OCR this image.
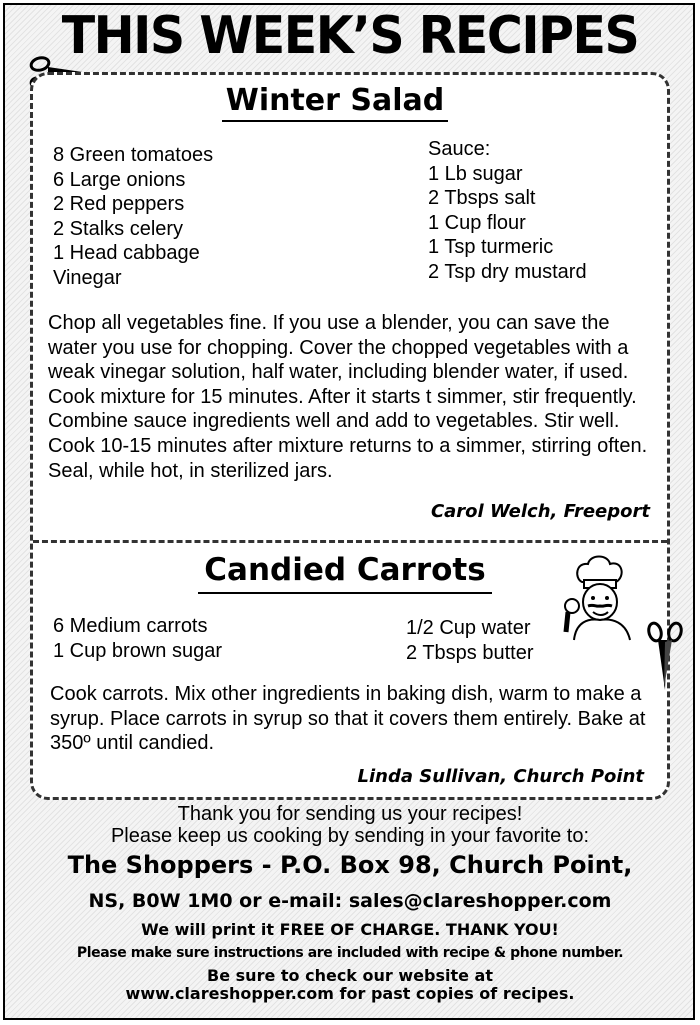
THIS WEEK’S RECIPES
Winter Salad
8 Green tomatoes
6 Large onions
2 Red peppers
2 Stalks celery
1 Head cabbage
Vinegar
Sauce:
1 Lb sugar
2 Tbsps salt
1 Cup flour
1 Tsp turmeric
2 Tsp dry mustard
Chop all vegetables fine. If you use a blender, you can save the water you use for chopping. Cover the chopped vegetables with a weak vinegar solution, half water, including blender water, if used. Cook mixture for 15 minutes. After it starts t simmer, stir frequently. Combine sauce ingredients well and add to vegetables. Stir well. Cook 10-15 minutes after mixture returns to a simmer, stirring often. Seal, while hot, in sterilized jars.
Carol Welch, Freeport
Candied Carrots
6 Medium carrots
1 Cup brown sugar
1/2 Cup water
2 Tbsps butter
Cook carrots. Mix other ingredients in baking dish, warm to make a syrup. Place carrots in syrup so that it covers them entirely. Bake at 350º until candied.
Linda Sullivan, Church Point
Thank you for sending us your recipes!
Please keep us cooking by sending in your favorite to:
The Shoppers - P.O. Box 98, Church Point,
NS, B0W 1M0 or e-mail: sales@clareshopper.com
We will print it FREE OF CHARGE. THANK YOU!
Please make sure instructions are included with recipe & phone number.
Be sure to check our website at
www.clareshopper.com for past copies of recipes.
